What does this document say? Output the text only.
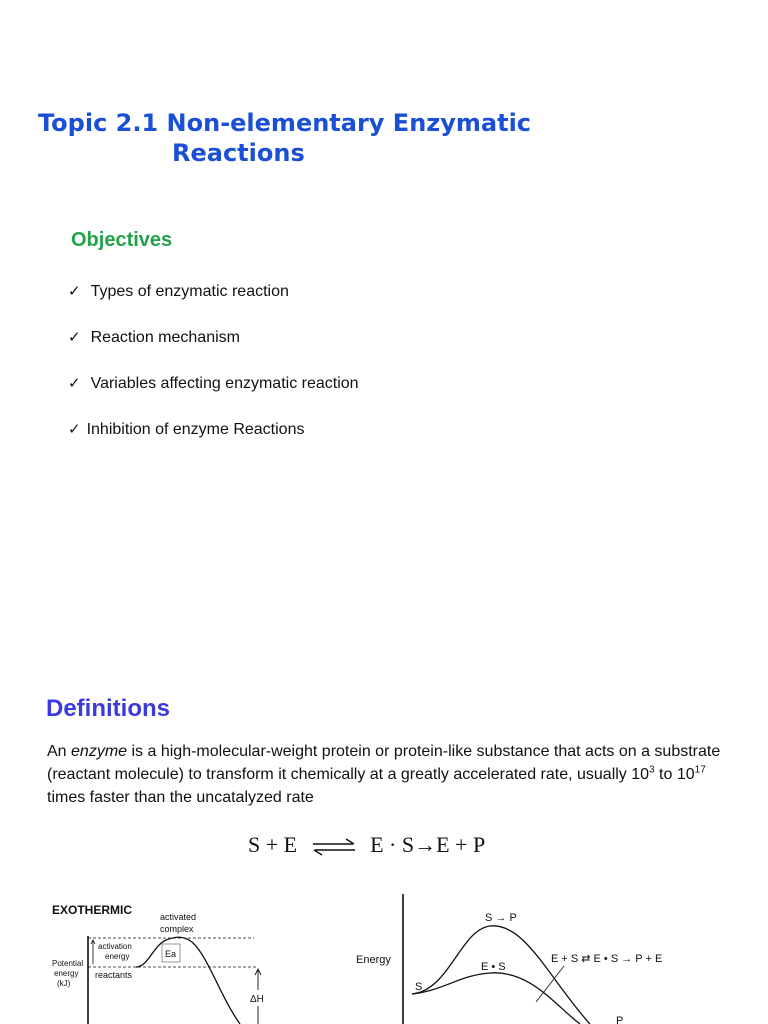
Topic 2.1 Non-elementary Enzymatic
Reactions
Objectives
✓ Types of enzymatic reaction
✓ Reaction mechanism
✓ Variables affecting enzymatic reaction
✓ Inhibition of enzyme Reactions
Definitions

An enzyme is a high-molecular-weight protein or protein-like substance that acts on a substrate (reactant molecule) to transform it chemically at a greatly accelerated rate, usually $10^3$ to $10^{17}$ times faster than the uncatalyzed rate

S + E ⇌ E · S→E + P
EXOTHERMIC	activated
complex
activation
energy	Ea
Potential
energy
(kJ)
reactants
ΔH
Energy
S → P
E • S
E + S ⇄ E • S → P + E
S
P
